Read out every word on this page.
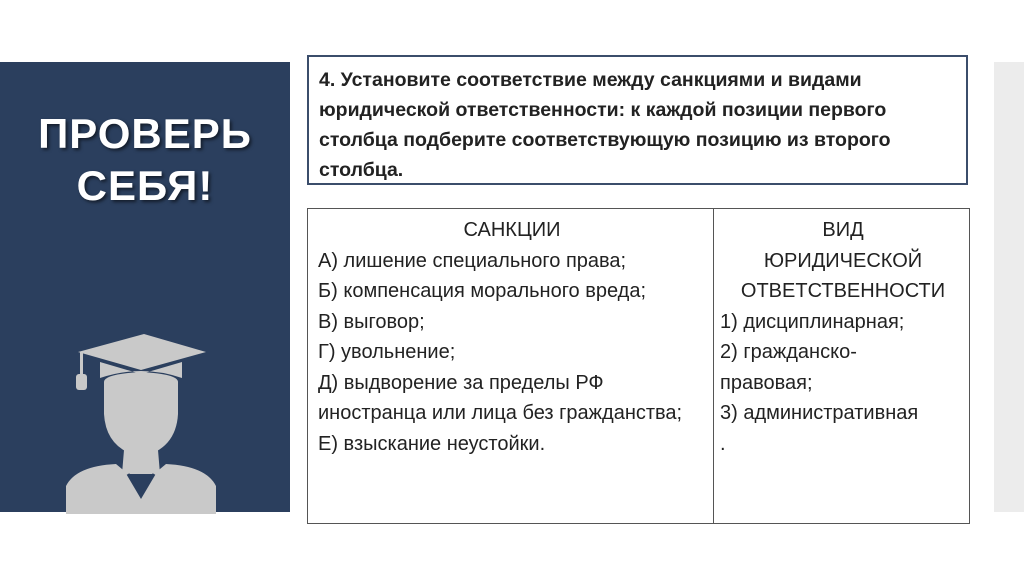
ПРОВЕРЬ
СЕБЯ!
4. Установите соответствие между санкциями и видами юридической ответственности: к каждой позиции первого столбца подберите соответствующую позицию из второго столбца.
САНКЦИИ
А) лишение специального права;
Б) компенсация морального вреда;
В) выговор;
Г) увольнение;
Д) выдворение за пределы РФ иностранца или лица без гражданства;
Е) взыскание неустойки.
ВИД
ЮРИДИЧЕСКОЙ
ОТВЕТСТВЕННОСТИ
1) дисциплинарная;
2) гражданско-
правовая;
3) административная
.
